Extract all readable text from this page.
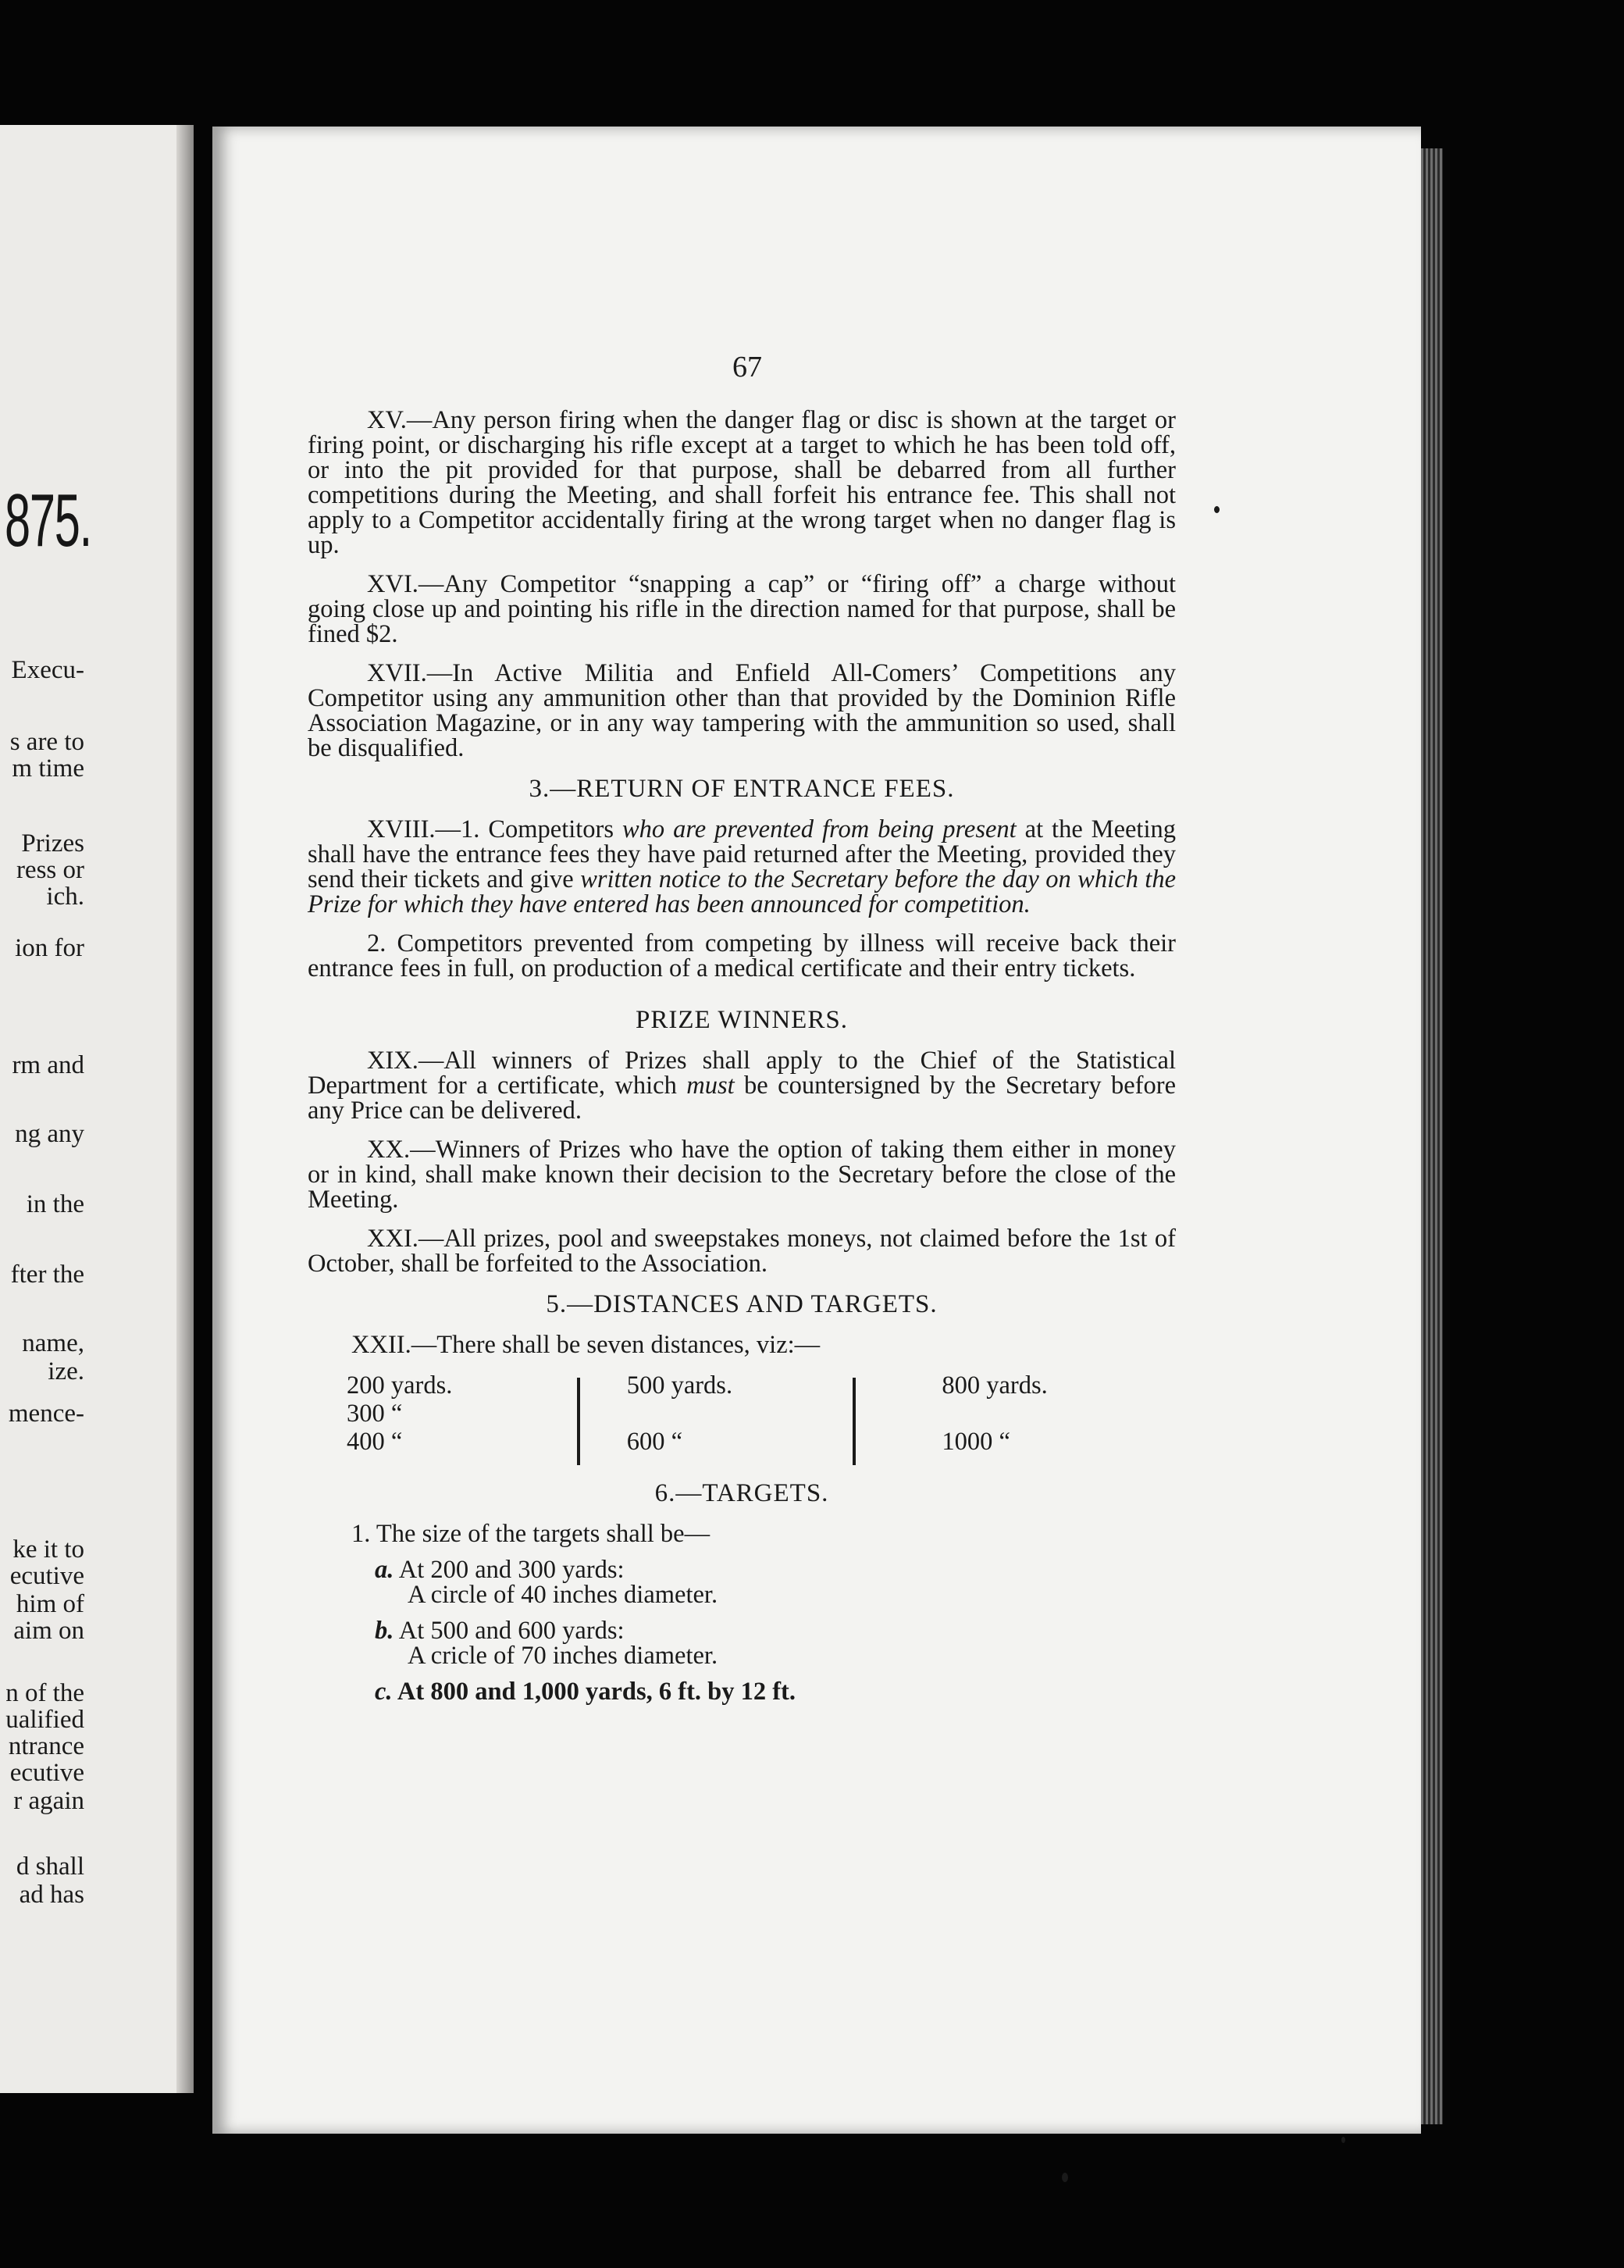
875.
Execu-
s are to
m time
Prizes
ress or
ich.
ion for
rm and
ng any
in the
fter the
name,
ize.
mence-
ke it to
ecutive
him of
aim on
n of the
ualified
ntrance
ecutive
r again
d shall
ad has
67

XV.—Any person firing when the danger flag or disc is shown at the target or firing point, or discharging his rifle except at a target to which he has been told off, or into the pit provided for that purpose, shall be debarred from all further competitions during the Meeting, and shall forfeit his entrance fee. This shall not apply to a Competitor accidentally firing at the wrong target when no danger flag is up.

XVI.—Any Competitor “snapping a cap” or “firing off” a charge without going close up and pointing his rifle in the direction named for that purpose, shall be fined $2.

XVII.—In Active Militia and Enfield All-Comers’ Competitions any Competitor using any ammunition other than that provided by the Dominion Rifle Association Magazine, or in any way tampering with the ammunition so used, shall be disqualified.

3.—RETURN OF ENTRANCE FEES.

XVIII.—1. Competitors who are prevented from being present at the Meeting shall have the entrance fees they have paid returned after the Meeting, provided they send their tickets and give written notice to the Secretary before the day on which the Prize for which they have entered has been announced for competition.

2. Competitors prevented from competing by illness will receive back their entrance fees in full, on production of a medical certificate and their entry tickets.

PRIZE WINNERS.

XIX.—All winners of Prizes shall apply to the Chief of the Statistical Department for a certificate, which must be countersigned by the Secretary before any Price can be delivered.

XX.—Winners of Prizes who have the option of taking them either in money or in kind, shall make known their decision to the Secretary before the close of the Meeting.

XXI.—All prizes, pool and sweepstakes moneys, not claimed before the 1st of October, shall be forfeited to the Association.

5.—DISTANCES AND TARGETS.

XXII.—There shall be seven distances, viz:—

200 yards.
300 “
400 “
500 yards.
600 “
800 yards.
1000 “
6.—TARGETS.

1. The size of the targets shall be—

a. At 200 and 300 yards:
A circle of 40 inches diameter.
b. At 500 and 600 yards:
A cricle of 70 inches diameter.
c. At 800 and 1,000 yards, 6 ft. by 12 ft.
